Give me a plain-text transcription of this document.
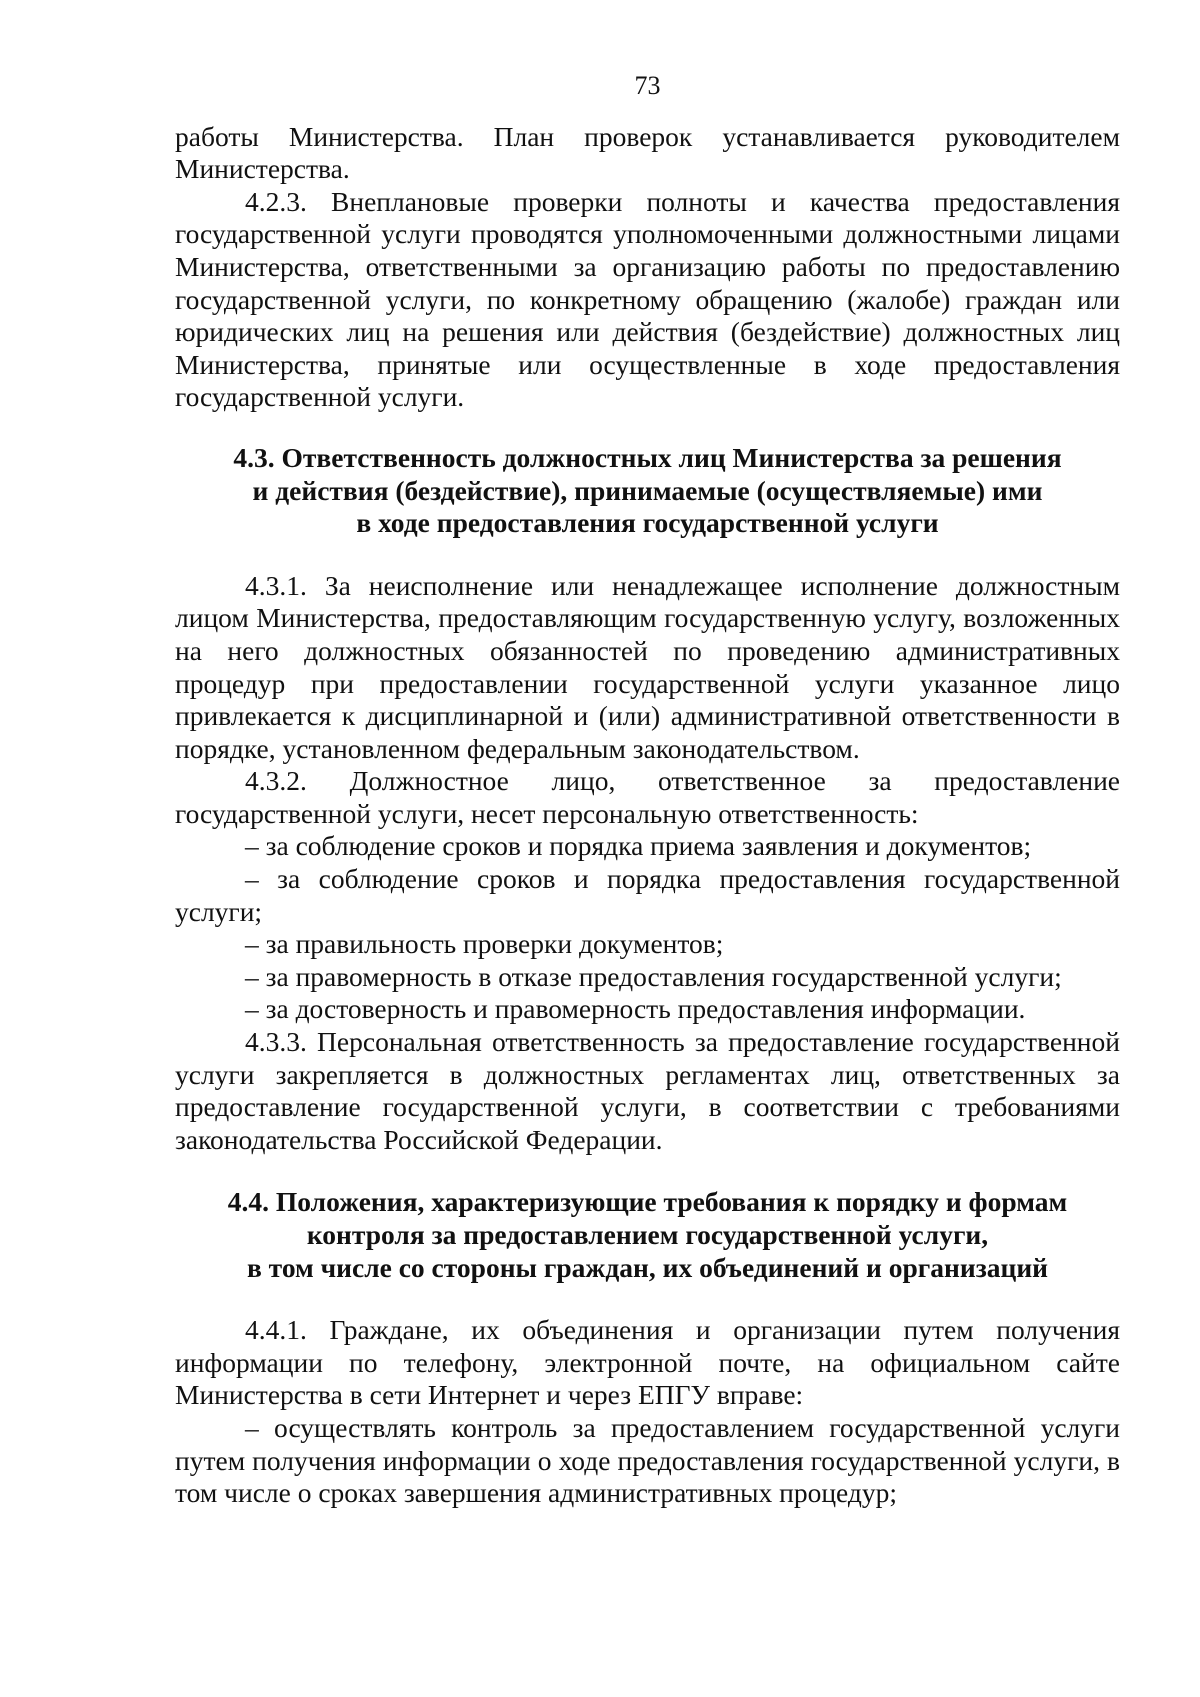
73

работы Министерства. План проверок устанавливается руководителем Министерства.

4.2.3. Внеплановые проверки полноты и качества предоставления государственной услуги проводятся уполномоченными должностными лицами Министерства, ответственными за организацию работы по предоставлению государственной услуги, по конкретному обращению (жалобе) граждан или юридических лиц на решения или действия (бездействие) должностных лиц Министерства, принятые или осуществленные в ходе предоставления государственной услуги.

4.3. Ответственность должностных лиц Министерства за решения
и действия (бездействие), принимаемые (осуществляемые) ими
в ходе предоставления государственной услуги

4.3.1. За неисполнение или ненадлежащее исполнение должностным лицом Министерства, предоставляющим государственную услугу, возложенных на него должностных обязанностей по проведению административных процедур при предоставлении государственной услуги указанное лицо привлекается к дисциплинарной и (или) административной ответственности в порядке, установленном федеральным законодательством.

4.3.2. Должностное лицо, ответственное за предоставление государственной услуги, несет персональную ответственность:

– за соблюдение сроков и порядка приема заявления и документов;

– за соблюдение сроков и порядка предоставления государственной услуги;

– за правильность проверки документов;

– за правомерность в отказе предоставления государственной услуги;

– за достоверность и правомерность предоставления информации.

4.3.3. Персональная ответственность за предоставление государственной услуги закрепляется в должностных регламентах лиц, ответственных за предоставление государственной услуги, в соответствии с требованиями законодательства Российской Федерации.

4.4. Положения, характеризующие требования к порядку и формам
контроля за предоставлением государственной услуги,
в том числе со стороны граждан, их объединений и организаций

4.4.1. Граждане, их объединения и организации путем получения информации по телефону, электронной почте, на официальном сайте Министерства в сети Интернет и через ЕПГУ вправе:

– осуществлять контроль за предоставлением государственной услуги путем получения информации о ходе предоставления государственной услуги, в том числе о сроках завершения административных процедур;
